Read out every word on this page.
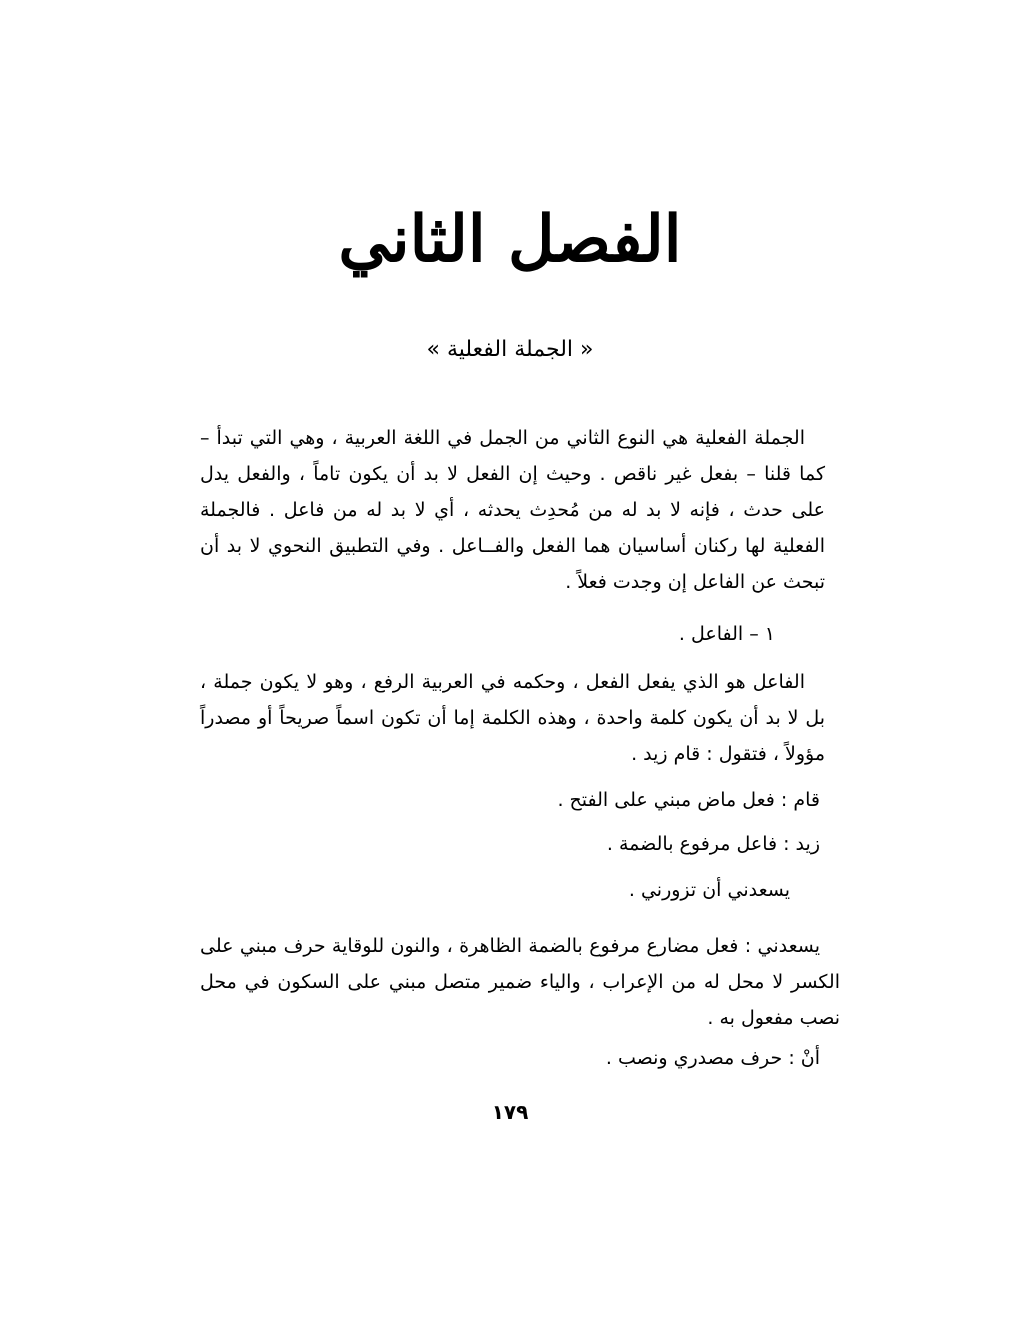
الفصل الثاني
« الجملة الفعلية »

الجملة الفعلية هي النوع الثاني من الجمل في اللغة العربية ، وهي التي تبدأ – كما قلنا – بفعل غير ناقص . وحيث إن الفعل لا بد أن يكون تاماً ، والفعل يدل على حدث ، فإنه لا بد له من مُحدِث يحدثه ، أي لا بد له من فاعل . فالجملة الفعلية لها ركنان أساسيان هما الفعل والفــاعل . وفي التطبيق النحوي لا بد أن تبحث عن الفاعل إن وجدت فعلاً .

١ – الفاعل .

الفاعل هو الذي يفعل الفعل ، وحكمه في العربية الرفع ، وهو لا يكون جملة ، بل لا بد أن يكون كلمة واحدة ، وهذه الكلمة إما أن تكون اسماً صريحاً أو مصدراً مؤولاً ، فتقول : قام زيد .

قام : فعل ماض مبني على الفتح .
زيد : فاعل مرفوع بالضمة .
يسعدني أن تزورني .

يسعدني : فعل مضارع مرفوع بالضمة الظاهرة ، والنون للوقاية حرف مبني على الكسر لا محل له من الإعراب ، والياء ضمير متصل مبني على السكون في محل نصب مفعول به .

أنْ : حرف مصدري ونصب .
١٧٩
